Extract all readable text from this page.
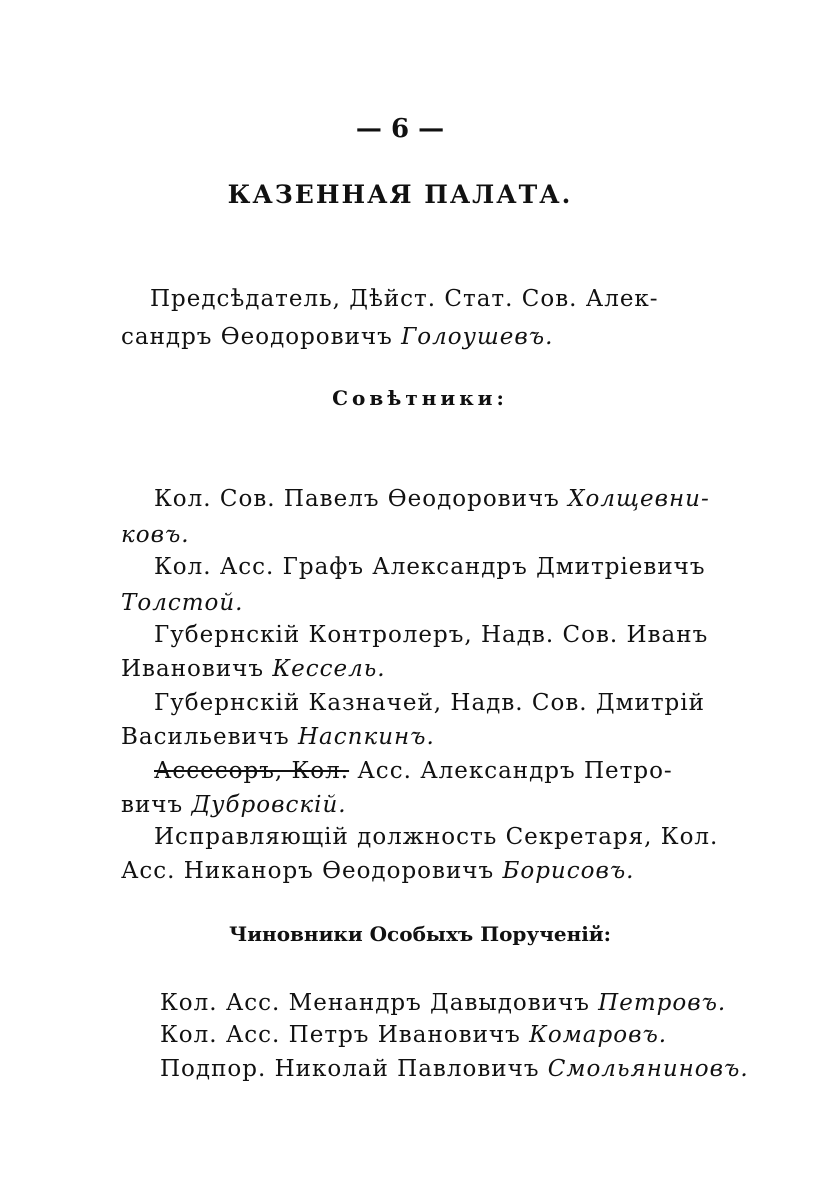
— 6 —
КАЗЕННАЯ ПАЛАТА.
Предсѣдатель, Дѣйст. Стат. Сов. Алек-
сандръ Ѳеодоровичъ Голоушевъ.
Совѣтники:
Кол. Сов. Павелъ Ѳеодоровичъ Холщевни-
ковъ.
Кол. Асс. Графъ Александръ Дмитріевичъ
Толстой.
Губернскій Контролеръ, Надв. Сов. Иванъ
Ивановичъ Кессель.
Губернскій Казначей, Надв. Сов. Дмитрій
Васильевичъ Наспкинъ.
Ассесоръ, Кол. Асс. Александръ Петро-
вичъ Дубровскій.
Исправляющій должность Секретаря, Кол.
Асс. Никаноръ Ѳеодоровичъ Борисовъ.
Чиновники Особыхъ Порученій:
Кол. Асс. Менандръ Давыдовичъ Петровъ.
Кол. Асс. Петръ Ивановичъ Комаровъ.
Подпор. Николай Павловичъ Смольяниновъ.
